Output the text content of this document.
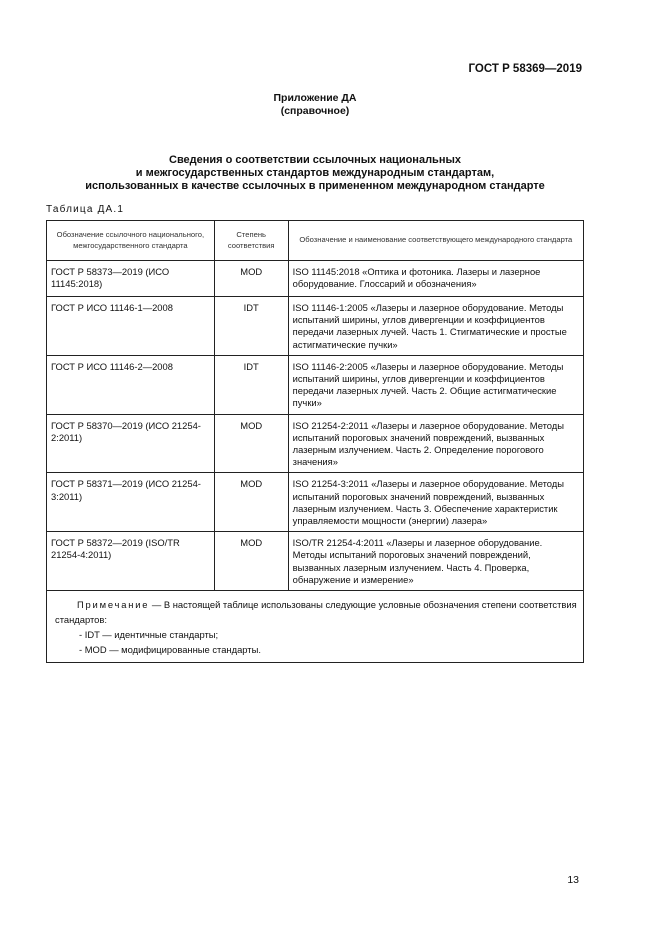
ГОСТ Р 58369—2019
Приложение ДА
(справочное)
Сведения о соответствии ссылочных национальных
и межгосударственных стандартов международным стандартам,
использованных в качестве ссылочных в примененном международном стандарте
Таблица ДА.1
Обозначение ссылочного национального, межгосударственного стандарта	Степень соответствия	Обозначение и наименование соответствующего международного стандарта
ГОСТ Р 58373—2019 (ИСО 11145:2018)	MOD	ISO 11145:2018 «Оптика и фотоника. Лазеры и лазерное оборудование. Глоссарий и обозначения»
ГОСТ Р ИСО 11146-1—2008	IDT	ISO 11146-1:2005 «Лазеры и лазерное оборудование. Методы испытаний ширины, углов дивергенции и коэффициентов передачи лазерных лучей. Часть 1. Стигматические и простые астигматические пучки»
ГОСТ Р ИСО 11146-2—2008	IDT	ISO 11146-2:2005 «Лазеры и лазерное оборудование. Методы испытаний ширины, углов дивергенции и коэффициентов передачи лазерных лучей. Часть 2. Общие астигматические пучки»
ГОСТ Р 58370—2019 (ИСО 21254-2:2011)	MOD	ISO 21254-2:2011 «Лазеры и лазерное оборудование. Методы испытаний пороговых значений повреждений, вызванных лазерным излучением. Часть 2. Определение порогового значения»
ГОСТ Р 58371—2019 (ИСО 21254-3:2011)	MOD	ISO 21254-3:2011 «Лазеры и лазерное оборудование. Методы испытаний пороговых значений повреждений, вызванных лазерным излучением. Часть 3. Обеспечение характеристик управляемости мощности (энергии) лазера»
ГОСТ Р 58372—2019 (ISO/TR 21254-4:2011)	MOD	ISO/TR 21254-4:2011 «Лазеры и лазерное оборудование. Методы испытаний пороговых значений повреждений, вызванных лазерным излучением. Часть 4. Проверка, обнаружение и измерение»
Примечание — В настоящей таблице использованы следующие условные обозначения степени соответствия стандартов:
- IDT — идентичные стандарты;
- MOD — модифицированные стандарты.		
13
